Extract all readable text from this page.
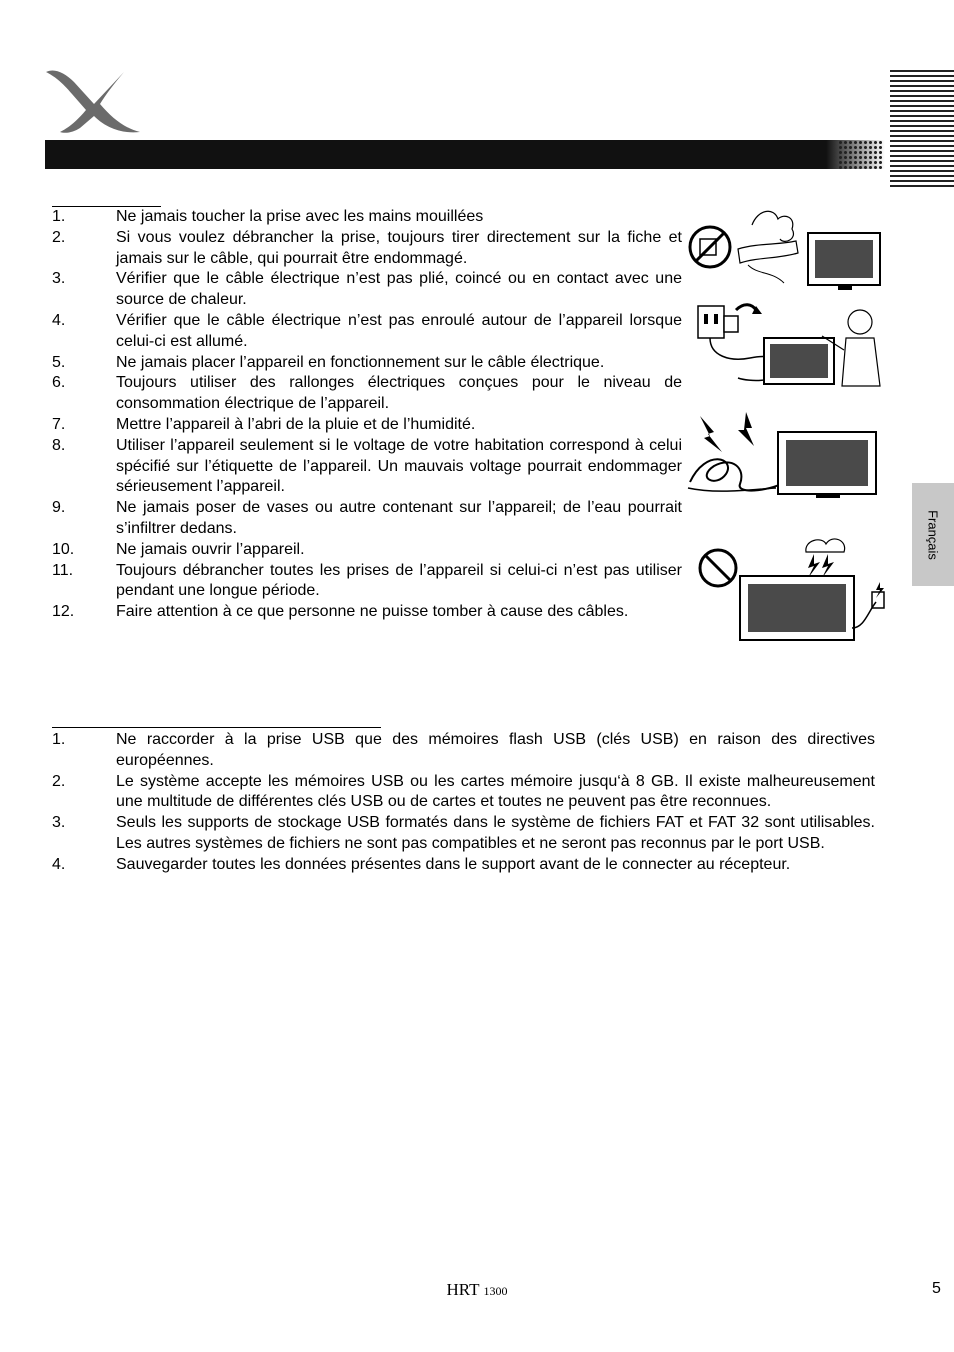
Français
1.	Ne jamais toucher la prise avec les mains mouillées
2.	Si vous voulez débrancher la prise, toujours tirer directement sur la fiche et jamais sur le câble, qui pourrait être endommagé.
3.	Vérifier que le câble électrique n’est pas plié, coincé ou en contact avec une source de chaleur.
4.	Vérifier que le câble électrique n’est pas enroulé autour de l’appareil lorsque celui-ci est allumé.
5.	Ne jamais placer l’appareil en fonctionnement sur le câble électrique.
6.	Toujours utiliser des rallonges électriques conçues pour le niveau de consommation électrique de l’appareil.
7.	Mettre l’appareil à l’abri de la pluie et de l’humidité.
8.	Utiliser l’appareil seulement si le voltage de votre habitation correspond à celui spécifié sur l’étiquette de l’appareil. Un mauvais voltage pourrait endommager sérieusement l’appareil.
9.	Ne jamais poser de vases ou autre contenant sur l’appareil; de l’eau pourrait s’infiltrer dedans.
10.	Ne jamais ouvrir l’appareil.
11.	Toujours débrancher toutes les prises de l’appareil si celui-ci n’est pas utiliser pendant une longue période.
12.	Faire attention à ce que personne ne puisse tomber à cause des câbles.
1.	Ne raccorder à la prise USB que des mémoires flash USB (clés USB) en raison des directives européennes.
2.	Le système accepte les mémoires USB ou les cartes mémoire jusqu‘à 8 GB. Il existe malheureusement une multitude de différentes clés USB ou de cartes et toutes ne peuvent pas être reconnues.
3.	Seuls les supports de stockage USB formatés dans le système de fichiers FAT et FAT 32 sont utilisables. Les autres systèmes de fichiers ne sont pas compatibles et ne seront pas reconnus par le port USB.
4.	Sauvegarder toutes les données présentes dans le support avant de le connecter au récepteur.
HRT 1300	5
